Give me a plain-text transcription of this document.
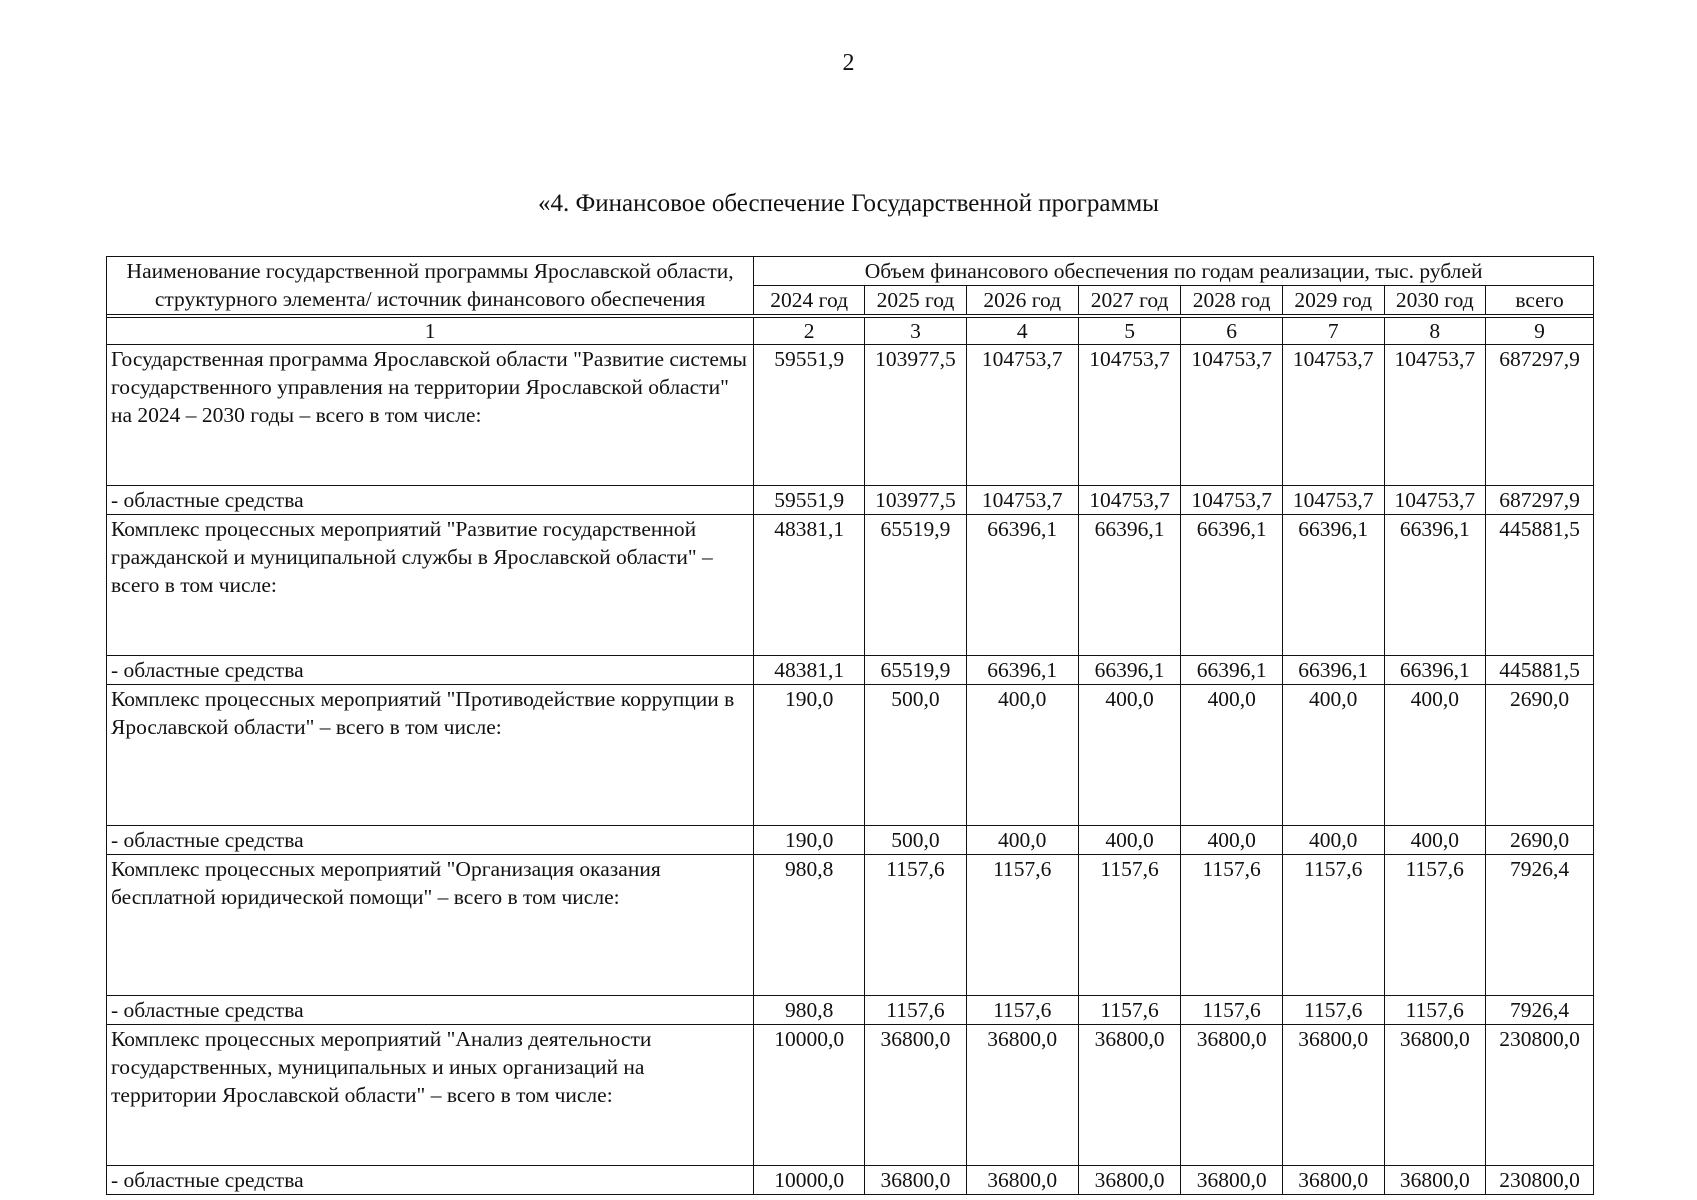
2
«4. Финансовое обеспечение Государственной программы
Наименование государственной программы Ярославской области, структурного элемента/ источник финансового обеспечения	Объем финансового обеспечения по годам реализации, тыс. рублей							
	2024 год	2025 год	2026 год	2027 год	2028 год	2029 год	2030 год	всего

1	2	3	4	5	6	7	8	9
Государственная программа Ярославской области "Развитие системы государственного управления на территории Ярославской области" на 2024 – 2030 годы – всего в том числе:	59551,9	103977,5	104753,7	104753,7	104753,7	104753,7	104753,7	687297,9
- областные средства	59551,9	103977,5	104753,7	104753,7	104753,7	104753,7	104753,7	687297,9
Комплекс процессных мероприятий "Развитие государственной гражданской и муниципальной службы в Ярославской области" – всего в том числе:	48381,1	65519,9	66396,1	66396,1	66396,1	66396,1	66396,1	445881,5
- областные средства	48381,1	65519,9	66396,1	66396,1	66396,1	66396,1	66396,1	445881,5
Комплекс процессных мероприятий "Противодействие коррупции в Ярославской области" – всего в том числе:	190,0	500,0	400,0	400,0	400,0	400,0	400,0	2690,0
- областные средства	190,0	500,0	400,0	400,0	400,0	400,0	400,0	2690,0
Комплекс процессных мероприятий "Организация оказания бесплатной юридической помощи" – всего в том числе:	980,8	1157,6	1157,6	1157,6	1157,6	1157,6	1157,6	7926,4
- областные средства	980,8	1157,6	1157,6	1157,6	1157,6	1157,6	1157,6	7926,4
Комплекс процессных мероприятий "Анализ деятельности государственных, муниципальных и иных организаций на территории Ярославской области" – всего в том числе:	10000,0	36800,0	36800,0	36800,0	36800,0	36800,0	36800,0	230800,0
- областные средства	10000,0	36800,0	36800,0	36800,0	36800,0	36800,0	36800,0	230800,0
